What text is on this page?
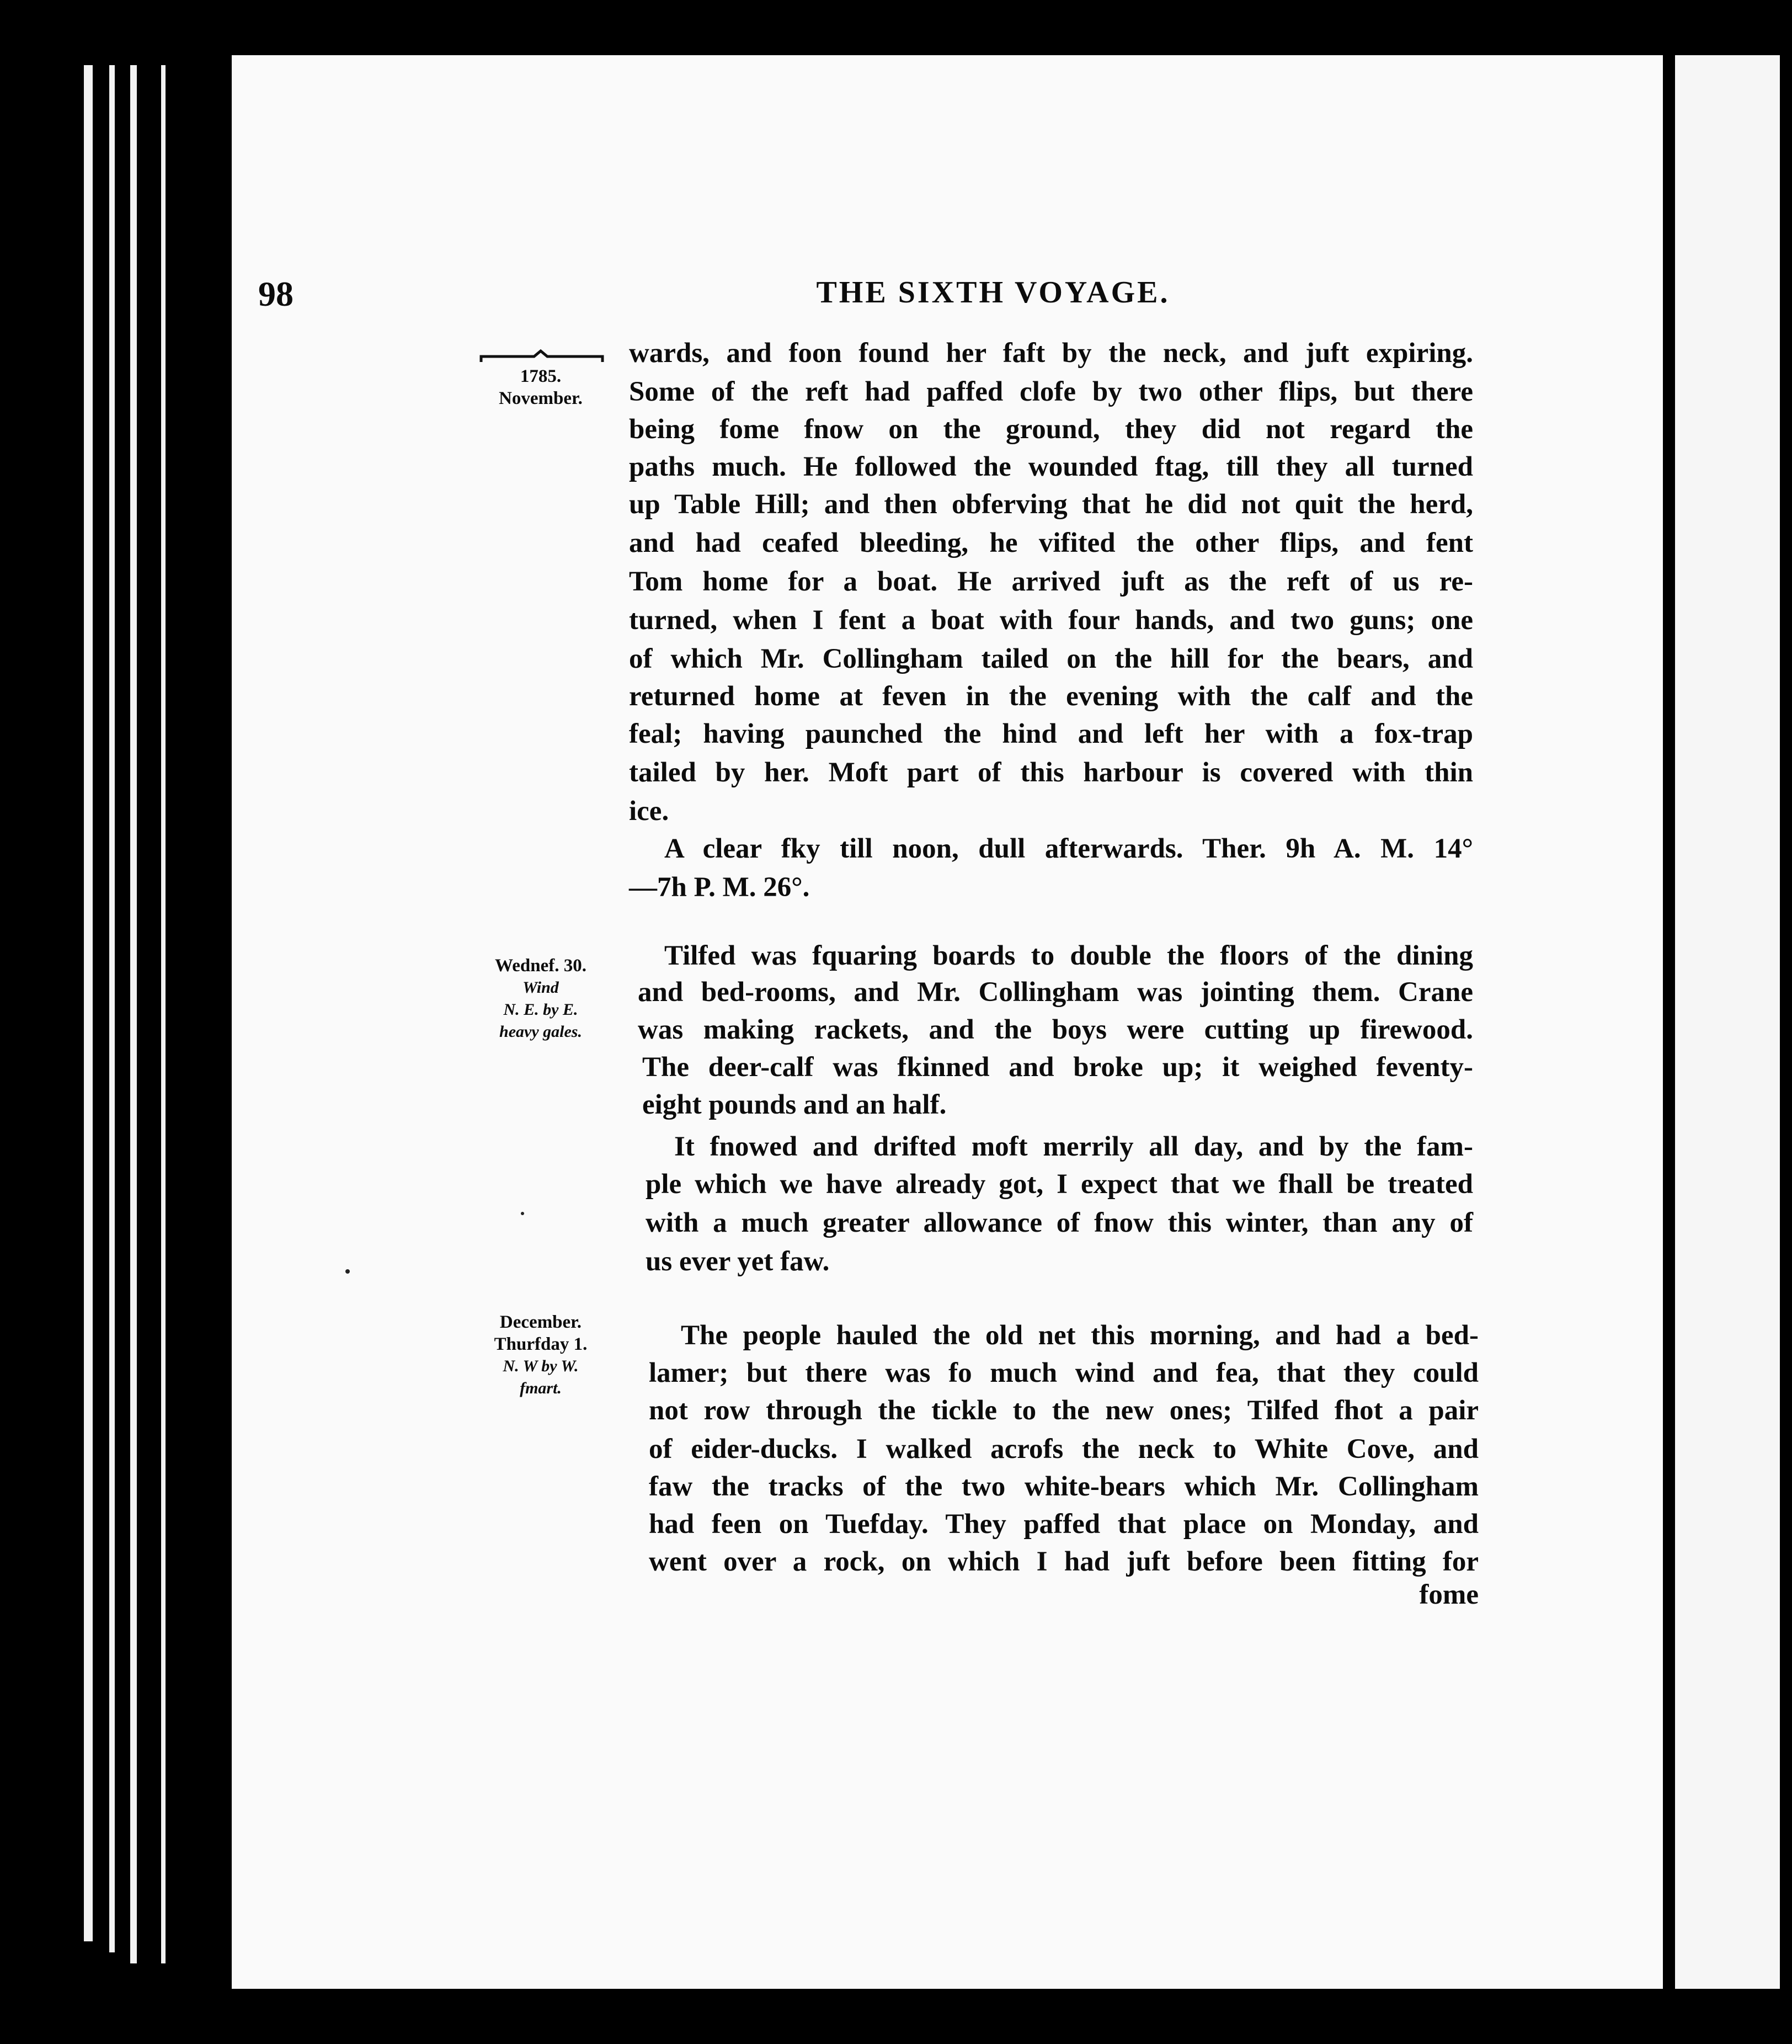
98	THE SIXTH VOYAGE.
1785.
November.
Wednef. 30.
Wind
N. E. by E.
heavy gales.
December.
Thurfday 1.
N. W by W.
fmart.
wards, and foon found her faft by the neck, and juft expiring.
Some of the reft had paffed clofe by two other flips, but there
being fome fnow on the ground, they did not regard the
paths much. He followed the wounded ftag, till they all turned
up Table Hill; and then obferving that he did not quit the herd,
and had ceafed bleeding, he vifited the other flips, and fent
Tom home for a boat. He arrived juft as the reft of us re-
turned, when I fent a boat with four hands, and two guns; one
of which Mr. Collingham tailed on the hill for the bears, and
returned home at feven in the evening with the calf and the
feal; having paunched the hind and left her with a fox-trap
tailed by her. Moft part of this harbour is covered with thin
ice.
A clear fky till noon, dull afterwards. Ther. 9h A. M. 14°
—7h P. M. 26°.
Tilfed was fquaring boards to double the floors of the dining
and bed-rooms, and Mr. Collingham was jointing them. Crane
was making rackets, and the boys were cutting up firewood.
The deer-calf was fkinned and broke up; it weighed feventy-
eight pounds and an half.
It fnowed and drifted moft merrily all day, and by the fam-
ple which we have already got, I expect that we fhall be treated
with a much greater allowance of fnow this winter, than any of
us ever yet faw.
The people hauled the old net this morning, and had a bed-
lamer; but there was fo much wind and fea, that they could
not row through the tickle to the new ones; Tilfed fhot a pair
of eider-ducks. I walked acrofs the neck to White Cove, and
faw the tracks of the two white-bears which Mr. Collingham
had feen on Tuefday. They paffed that place on Monday, and
went over a rock, on which I had juft before been fitting for
fome
